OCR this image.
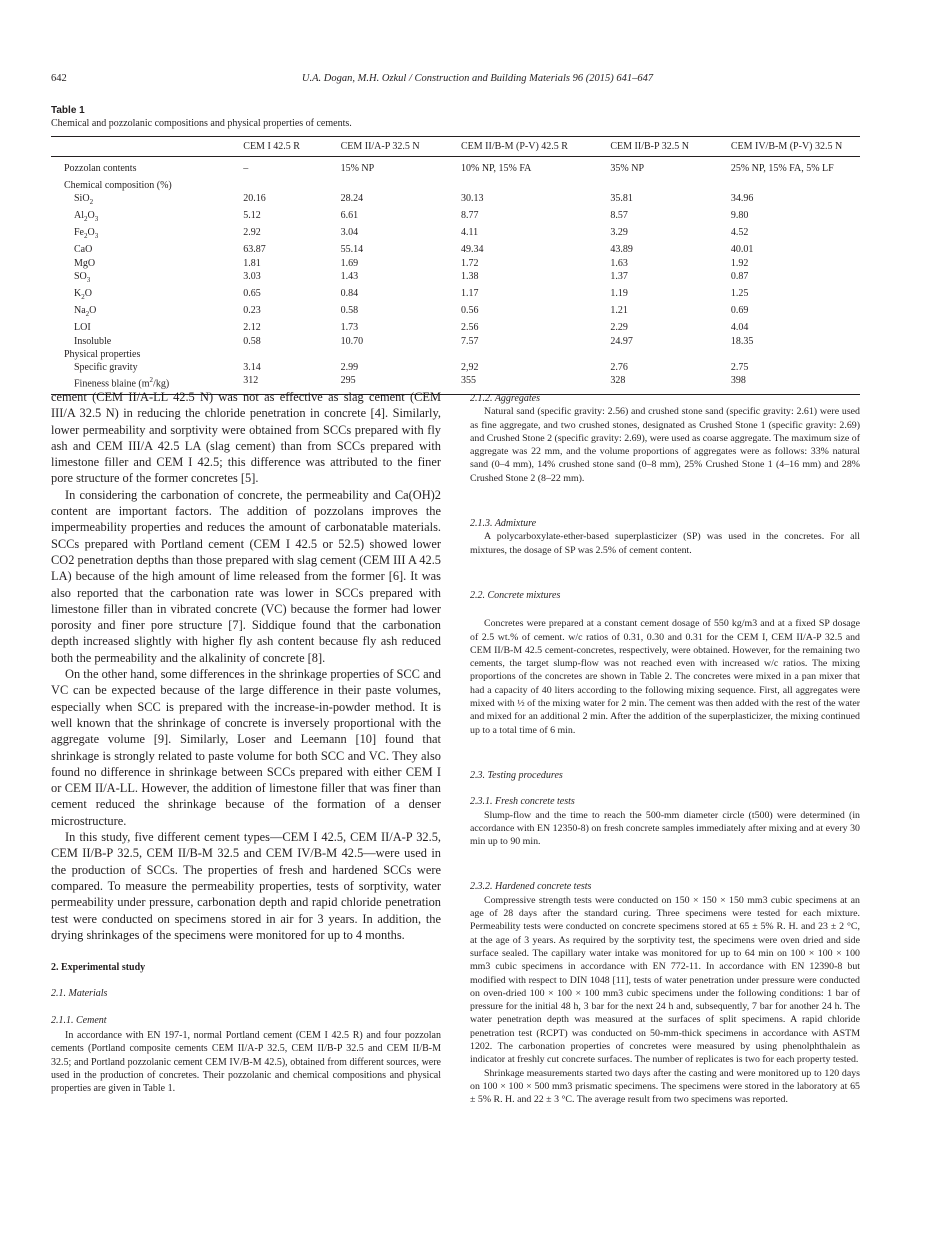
642	U.A. Dogan, M.H. Ozkul / Construction and Building Materials 96 (2015) 641–647
Table 1
Chemical and pozzolanic compositions and physical properties of cements.
	CEM I 42.5 R	CEM II/A-P 32.5 N	CEM II/B-M (P-V) 42.5 R	CEM II/B-P 32.5 N	CEM IV/B-M (P-V) 32.5 N
Pozzolan contents	–	15% NP	10% NP, 15% FA	35% NP	25% NP, 15% FA, 5% LF
Chemical composition (%)					
SiO$_2$	20.16	28.24	30.13	35.81	34.96
$Al_2O_3$	5.12	6.61	8.77	8.57	9.80
$Fe_2O_3$	2.92	3.04	4.11	3.29	4.52
CaO	63.87	55.14	49.34	43.89	40.01
MgO	1.81	1.69	1.72	1.63	1.92
$SO_3$	3.03	1.43	1.38	1.37	0.87
$K_2O$	0.65	0.84	1.17	1.19	1.25
$Na_2O$	0.23	0.58	0.56	1.21	0.69
LOI	2.12	1.73	2.56	2.29	4.04
Insoluble	0.58	10.70	7.57	24.97	18.35
Physical properties					
Specific gravity	3.14	2.99	2,92	2.76	2.75
Fineness blaine $(m^2/kg)$	312	295	355	328	398

cement (CEM II/A-LL 42.5 N) was not as effective as slag cement (CEM III/A 32.5 N) in reducing the chloride penetration in concrete [4]. Similarly, lower permeability and sorptivity were obtained from SCCs prepared with fly ash and CEM III/A 42.5 LA (slag cement) than from SCCs prepared with limestone filler and CEM I 42.5; this difference was attributed to the finer pore structure of the former concretes [5].

In considering the carbonation of concrete, the permeability and Ca(OH)2 content are important factors. The addition of pozzolans improves the impermeability properties and reduces the amount of carbonatable materials. SCCs prepared with Portland cement (CEM I 42.5 or 52.5) showed lower CO2 penetration depths than those prepared with slag cement (CEM III A 42.5 LA) because of the high amount of lime released from the former [6]. It was also reported that the carbonation rate was lower in SCCs prepared with limestone filler than in vibrated concrete (VC) because the former had lower porosity and finer pore structure [7]. Siddique found that the carbonation depth increased slightly with higher fly ash content because fly ash reduced both the permeability and the alkalinity of concrete [8].

On the other hand, some differences in the shrinkage properties of SCC and VC can be expected because of the large difference in their paste volumes, especially when SCC is prepared with the increase-in-powder method. It is well known that the shrinkage of concrete is inversely proportional with the aggregate volume [9]. Similarly, Loser and Leemann [10] found that shrinkage is strongly related to paste volume for both SCC and VC. They also found no difference in shrinkage between SCCs prepared with either CEM I or CEM II/A-LL. However, the addition of limestone filler that was finer than cement reduced the shrinkage because of the formation of a denser microstructure.

In this study, five different cement types—CEM I 42.5, CEM II/A-P 32.5, CEM II/B-P 32.5, CEM II/B-M 32.5 and CEM IV/B-M 42.5—were used in the production of SCCs. The properties of fresh and hardened SCCs were compared. To measure the permeability properties, tests of sorptivity, water permeability under pressure, carbonation depth and rapid chloride penetration test were conducted on specimens stored in air for 3 years. In addition, the drying shrinkages of the specimens were monitored for up to 4 months.

2. Experimental study
2.1. Materials
2.1.1. Cement

In accordance with EN 197-1, normal Portland cement (CEM I 42.5 R) and four pozzolan cements (Portland composite cements CEM II/A-P 32.5, CEM II/B-P 32.5 and CEM II/B-M 32.5; and Portland pozzolanic cement CEM IV/B-M 42.5), obtained from different sources, were used in the production of concretes. Their pozzolanic and chemical compositions and physical properties are given in Table 1.

2.1.2. Aggregates

Natural sand (specific gravity: 2.56) and crushed stone sand (specific gravity: 2.61) were used as fine aggregate, and two crushed stones, designated as Crushed Stone 1 (specific gravity: 2.69) and Crushed Stone 2 (specific gravity: 2.69), were used as coarse aggregate. The maximum size of aggregate was 22 mm, and the volume proportions of aggregates were as follows: 33% natural sand (0–4 mm), 14% crushed stone sand (0–8 mm), 25% Crushed Stone 1 (4–16 mm) and 28% Crushed Stone 2 (8–22 mm).

2.1.3. Admixture

A polycarboxylate-ether-based superplasticizer (SP) was used in the concretes. For all mixtures, the dosage of SP was 2.5% of cement content.

2.2. Concrete mixtures

Concretes were prepared at a constant cement dosage of 550 kg/m3 and at a fixed SP dosage of 2.5 wt.% of cement. w/c ratios of 0.31, 0.30 and 0.31 for the CEM I, CEM II/A-P 32.5 and CEM II/B-M 42.5 cement-concretes, respectively, were obtained. However, for the remaining two cements, the target slump-flow was not reached even with increased w/c ratios. The mixing proportions of the concretes are shown in Table 2. The concretes were mixed in a pan mixer that had a capacity of 40 liters according to the following mixing sequence. First, all aggregates were mixed with ½ of the mixing water for 2 min. The cement was then added with the rest of the water and mixed for an additional 2 min. After the addition of the superplasticizer, the mixing continued up to a total time of 6 min.

2.3. Testing procedures
2.3.1. Fresh concrete tests

Slump-flow and the time to reach the 500-mm diameter circle (t500) were determined (in accordance with EN 12350-8) on fresh concrete samples immediately after mixing and at every 30 min up to 90 min.

2.3.2. Hardened concrete tests

Compressive strength tests were conducted on 150 × 150 × 150 mm3 cubic specimens at an age of 28 days after the standard curing. Three specimens were tested for each mixture. Permeability tests were conducted on concrete specimens stored at 65 ± 5% R. H. and 23 ± 2 °C, at the age of 3 years. As required by the sorptivity test, the specimens were oven dried and side surface sealed. The capillary water intake was monitored for up to 64 min on 100 × 100 × 100 mm3 cubic specimens in accordance with EN 772-11. In accordance with EN 12390-8 but modified with respect to DIN 1048 [11], tests of water penetration under pressure were conducted on oven-dried 100 × 100 × 100 mm3 cubic specimens under the following conditions: 1 bar of pressure for the initial 48 h, 3 bar for the next 24 h and, subsequently, 7 bar for another 24 h. The water penetration depth was measured at the surfaces of split specimens. A rapid chloride penetration test (RCPT) was conducted on 50-mm-thick specimens in accordance with ASTM 1202. The carbonation properties of concretes were measured by using phenolphthalein as indicator at freshly cut concrete surfaces. The number of replicates is two for each property tested.

Shrinkage measurements started two days after the casting and were monitored up to 120 days on 100 × 100 × 500 mm3 prismatic specimens. The specimens were stored in the laboratory at 65 ± 5% R. H. and 22 ± 3 °C. The average result from two specimens was reported.
